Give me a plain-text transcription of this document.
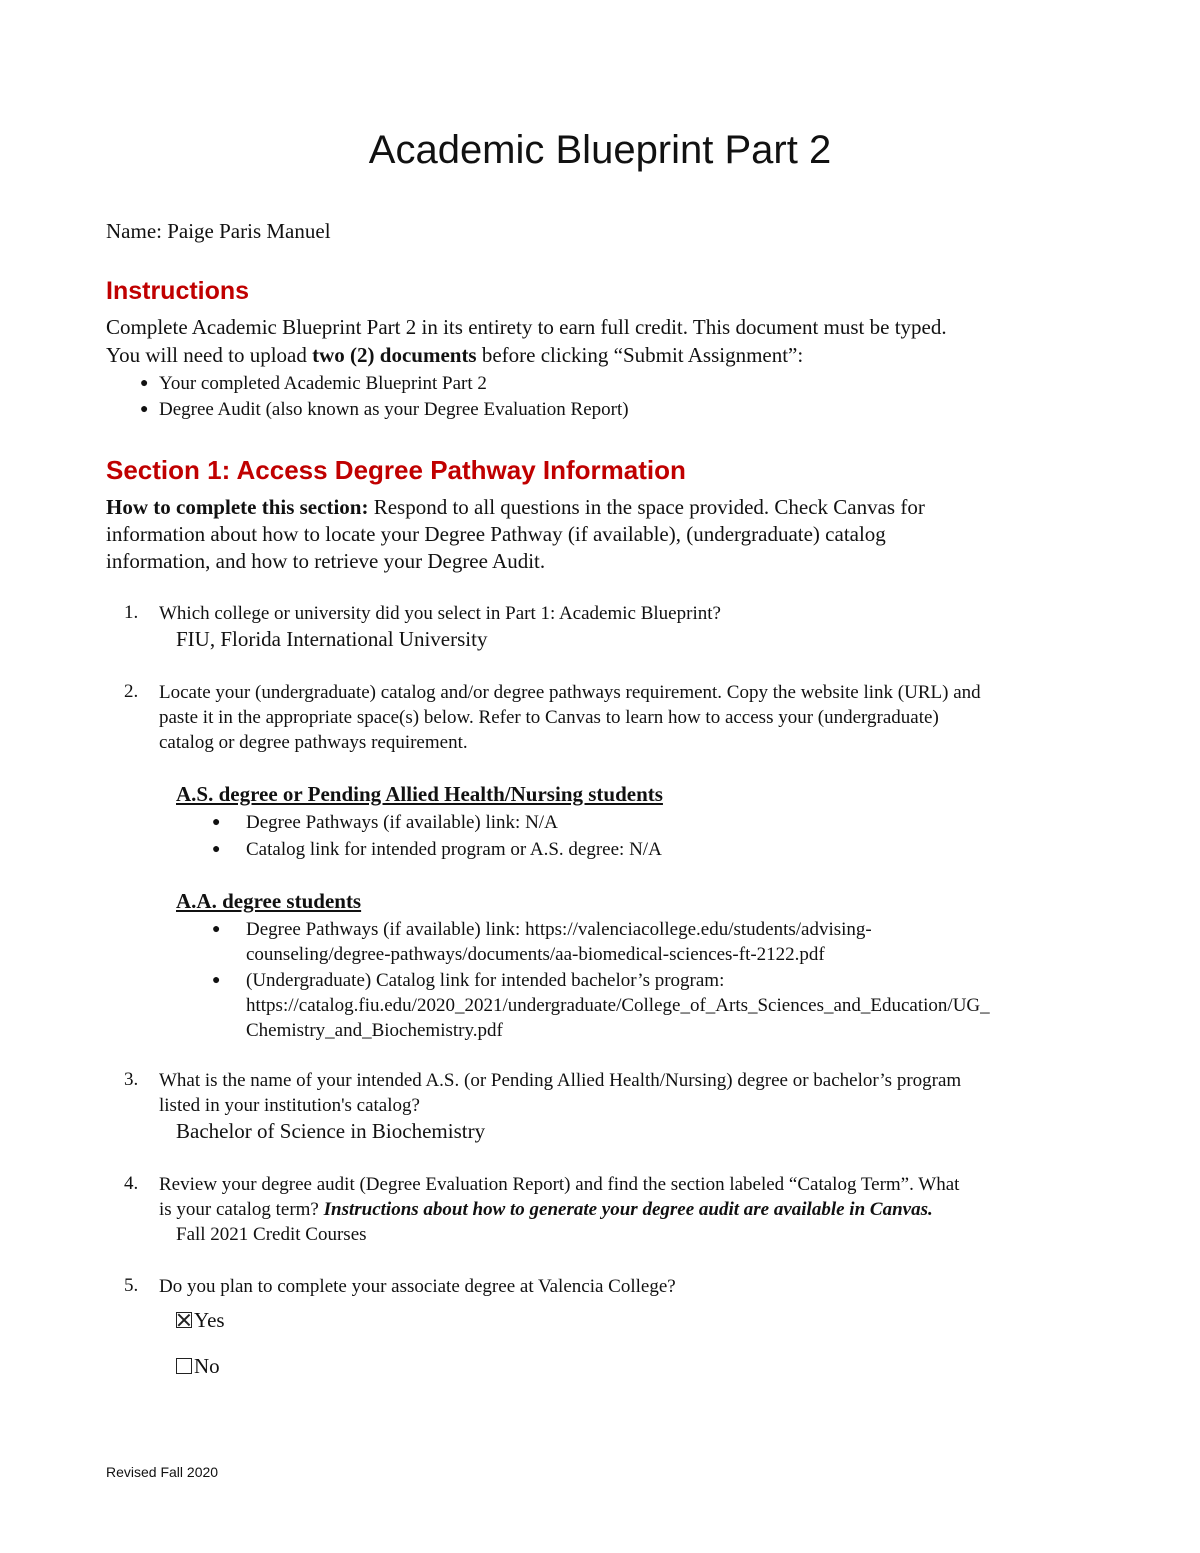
Academic Blueprint Part 2
Name: Paige Paris Manuel
Instructions
Complete Academic Blueprint Part 2 in its entirety to earn full credit. This document must be typed.
You will need to upload two (2) documents before clicking “Submit Assignment”:
● Your completed Academic Blueprint Part 2
● Degree Audit (also known as your Degree Evaluation Report)
Section 1: Access Degree Pathway Information
How to complete this section: Respond to all questions in the space provided. Check Canvas for
information about how to locate your Degree Pathway (if available), (undergraduate) catalog
information, and how to retrieve your Degree Audit.
1. Which college or university did you select in Part 1: Academic Blueprint?
FIU, Florida International University
2. Locate your (undergraduate) catalog and/or degree pathways requirement. Copy the website link (URL) and
paste it in the appropriate space(s) below. Refer to Canvas to learn how to access your (undergraduate)
catalog or degree pathways requirement.
A.S. degree or Pending Allied Health/Nursing students
● Degree Pathways (if available) link: N/A
● Catalog link for intended program or A.S. degree: N/A
A.A. degree students
● Degree Pathways (if available) link: https://valenciacollege.edu/students/advising-
counseling/degree-pathways/documents/aa-biomedical-sciences-ft-2122.pdf
● (Undergraduate) Catalog link for intended bachelor’s program:
https://catalog.fiu.edu/2020_2021/undergraduate/College_of_Arts_Sciences_and_Education/UG_
Chemistry_and_Biochemistry.pdf
3. What is the name of your intended A.S. (or Pending Allied Health/Nursing) degree or bachelor’s program
listed in your institution's catalog?
Bachelor of Science in Biochemistry
4. Review your degree audit (Degree Evaluation Report) and find the section labeled “Catalog Term”. What
is your catalog term? Instructions about how to generate your degree audit are available in Canvas.
Fall 2021 Credit Courses
5. Do you plan to complete your associate degree at Valencia College?
Yes
No
Revised Fall 2020
